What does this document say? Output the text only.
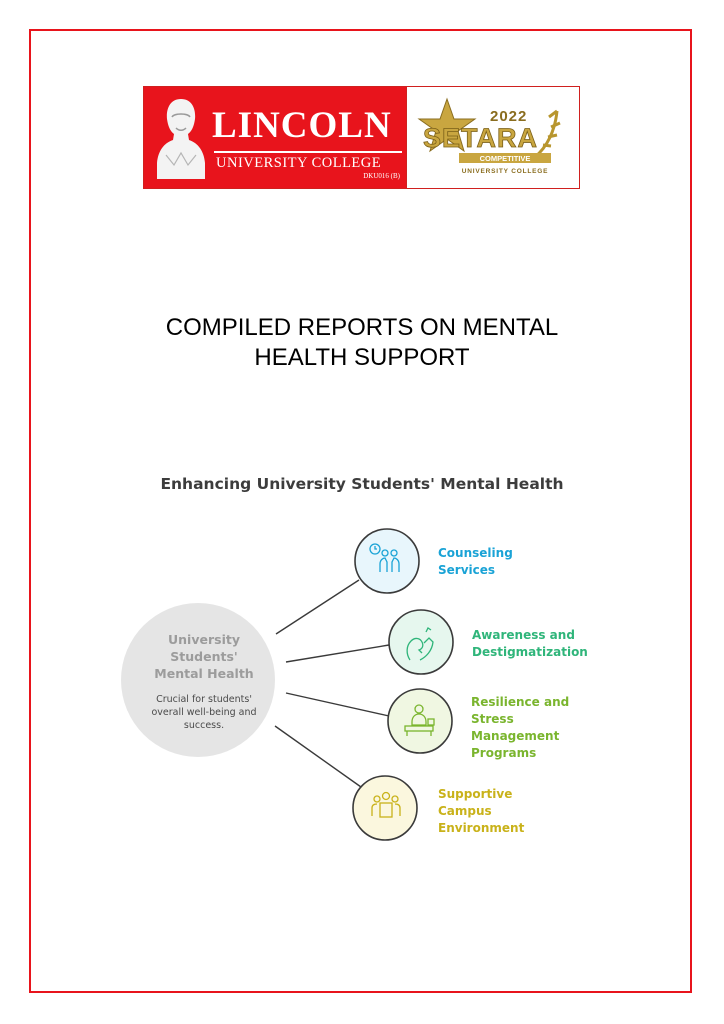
LINCOLN
UNIVERSITY COLLEGE
DKU016 (B)
2022
SETARA
COMPETITIVE
UNIVERSITY COLLEGE
COMPILED REPORTS ON MENTAL
HEALTH SUPPORT
Enhancing University Students' Mental Health
University
Students'
Mental Health
Crucial for students'
overall well-being and
success.
Counseling
Services
Awareness and
Destigmatization
Resilience and
Stress
Management
Programs
Supportive
Campus
Environment
